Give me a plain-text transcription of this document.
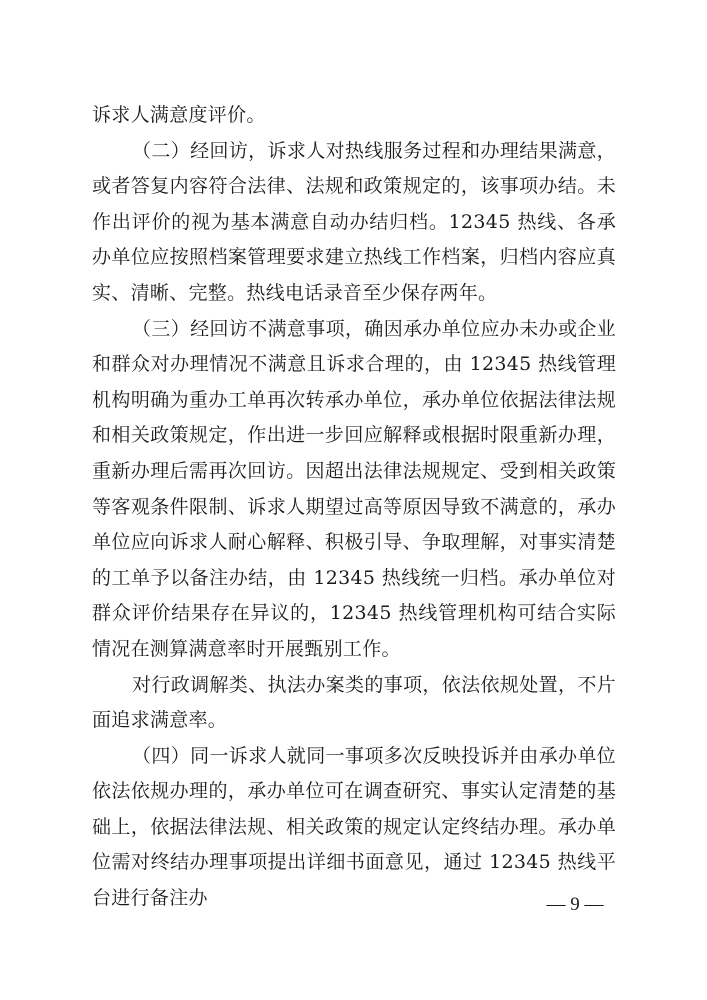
诉求人满意度评价。

（二）经回访，诉求人对热线服务过程和办理结果满意，或者答复内容符合法律、法规和政策规定的，该事项办结。未作出评价的视为基本满意自动办结归档。12345 热线、各承办单位应按照档案管理要求建立热线工作档案，归档内容应真实、清晰、完整。热线电话录音至少保存两年。

（三）经回访不满意事项，确因承办单位应办未办或企业和群众对办理情况不满意且诉求合理的，由 12345 热线管理机构明确为重办工单再次转承办单位，承办单位依据法律法规和相关政策规定，作出进一步回应解释或根据时限重新办理，重新办理后需再次回访。因超出法律法规规定、受到相关政策等客观条件限制、诉求人期望过高等原因导致不满意的，承办单位应向诉求人耐心解释、积极引导、争取理解，对事实清楚的工单予以备注办结，由 12345 热线统一归档。承办单位对群众评价结果存在异议的，12345 热线管理机构可结合实际情况在测算满意率时开展甄别工作。

对行政调解类、执法办案类的事项，依法依规处置，不片面追求满意率。

（四）同一诉求人就同一事项多次反映投诉并由承办单位依法依规办理的，承办单位可在调查研究、事实认定清楚的基础上，依据法律法规、相关政策的规定认定终结办理。承办单位需对终结办理事项提出详细书面意见，通过 12345 热线平台进行备注办	— 9 —
